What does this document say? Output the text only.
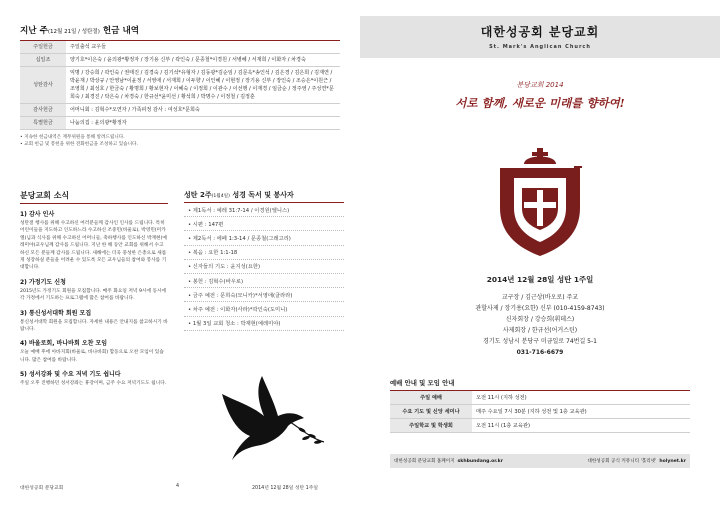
지난 주(12월 21일 / 성탄절) 헌금 내역
주일헌금	주일출석 교우들
십일조	양기호*이은숙 / 윤의광*황정자 / 장기용 신부 / 곽인숙 / 문종철*이경원 / 서병혜 / 서재희 / 이화자 / 차경숙
성탄감사	익명 / 강승희 / 곽인숙 / 권태진 / 김경숙 / 김기석*유형자 / 김동광*김순임 / 김문옥*송인석 / 김은경 / 김은희 / 김재연 / 박윤재 / 박상규 / 안영남*이윤정 / 서영애 / 서재희 / 이두향 / 이인혜 / 이현정 / 장기용 신부 / 장인숙 / 조승은*이원근 / 조영희 / 최성호 / 한금숙 / 황명희 / 황보현자 / 이혜숙 / 이정희 / 이관수 / 이선행 / 이재경 / 임금순 / 정주영 / 주성연*문희숙 / 최경진 / 탁은숙 / 차경숙 / 한규선*윤미선 / 황석희 / 박명수 / 이정철 / 김정훈
감사헌금	어머니회 : 김혁수*오연자 / 가족피정 감사 : 여성호*문희숙
특별헌금	나눔의집 : 윤의광*황정자
• 지속한 헌금내역은 재무위원을 통해 알려드립니다.
• 교회 헌금 및 봉헌을 위한 전화헌금을 조성하고 있습니다.
분당교회 소식
1) 감사 인사

성탄절 행사를 위해 수고하신 여러분들께 감사인 인사를 드립니다. 특히 어린이들을 지도하고 인도하느라 수고하신 조중민(바울로), 박영민(미카엘)님과 식사를 위해 수고하신 어머니들, 축하행사를 인도하신 박재현(예레미야)교우님께 감사를 드립니다. 지난 한 해 동안 교회를 위해서 수고하신 모든 분들께 감사를 드립니다. 새해에는 더욱 풍성한 은총으로 새롭게 성장하실 분들을 어려운 수 있도록 모든 교우님들의 참여와 봉사를 기대합니다.

2) 가정기도 신청

2015년도 가정기도 회원을 모집합니다. 매주 화요일 저녁 9시에 동시에 각 가정에서 기도하는 프로그램에 많은 참여를 바랍니다.

3) 통신성서대학 회원 모집

통신성서대학 회원을 모집합니다. 자세한 내용은 안내지를 참고하시기 바랍니다.

4) 바울로회, 바나바회 오찬 모임

오늘 예배 후에 아바지회(바울로, 바나바회) 합동으로 오찬 모임이 있습니다. 많은 참여를 바랍니다.

5) 성서강좌 및 수요 저녁 기도 쉽니다

주일 오후 진행하던 성서강좌는 휴강이며, 금주 수요 저녁기도도 쉽니다.

성탄 2주(1월4일) 성경 독서 및 봉사자
• 제1독서 : 예레 31:7-14 / 이경원(엘니스)
• 시편 : 147편
• 제2독서 : 에페 1:3-14 / 문종철(그레고리)
• 복음 : 요한 1:1-18
• 신자들의 기도 : 윤지성(요한)
• 봉헌 : 김혁수(바우로)
• 금주 예전 : 문희숙(모니카)*서영애(클라라)
• 차주 예전 : 이화자(사라)*곽인숙(도미니)
• 1월 3일 교회 청소 : 박재현(예레미야)
대한성공회 분당교회	4	2014년 12월 28일 성탄 1주일
대한성공회 분당교회
St. Mark's Anglican Church
분당교회 2014
서로 함께, 새로운 미래를 향하여!
2014년 12월 28일 성탄 1주일
교구장 / 김근상(바오로) 주교
관할사제 / 장기용(요한) 신부 (010-4159-8743)
신자회장 / 강승희(휘데스)
사제회장 / 한규선(어거스틴)
경기도 성남시 분당구 미금일로 74번길 5-1
031-716-6679
예배 안내 및 모임 안내
주일 예배	오전 11시 (지하 성전)
수요 기도 및 신앙 세미나	매주 수요일 7시 30분 (지하 성전 및 1층 교육관)
주일학교 및 학생회	오전 11시 (1층 교육관)
대한성공회 분당교회 홈페이지 skhbundang.or.kr	대한성공회 공식 커뮤니티 '홀리넷' holynet.kr
